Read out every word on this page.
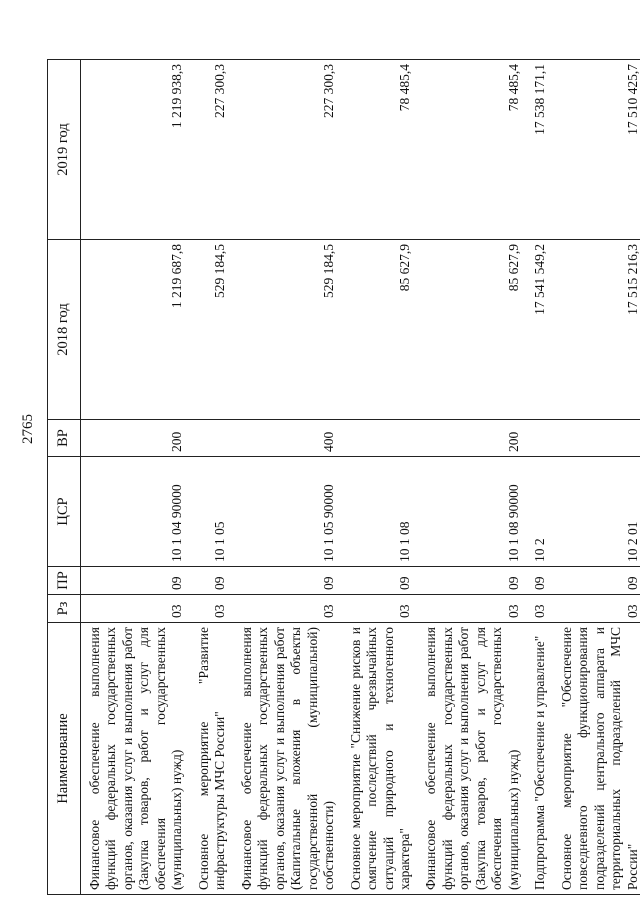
2765
Наименование	Рз	ПР	ЦСР	ВР	2018 год	2019 год
Финансовое обеспечение выполнения функций федеральных государственных органов, оказания услуг и выполнения работ (Закупка товаров, работ и услуг для обеспечения государственных (муниципальных) нужд)	03	09	10 1 04 90000	200	1 219 687,8	1 219 938,3
Основное мероприятие "Развитие инфраструктуры МЧС России"	03	09	10 1 05		529 184,5	227 300,3
Финансовое обеспечение выполнения функций федеральных государственных органов, оказания услуг и выполнения работ (Капитальные вложения в объекты государственной (муниципальной) собственности)	03	09	10 1 05 90000	400	529 184,5	227 300,3
Основное мероприятие "Снижение рисков и смягчение последствий чрезвычайных ситуаций природного и техногенного характера"	03	09	10 1 08		85 627,9	78 485,4
Финансовое обеспечение выполнения функций федеральных государственных органов, оказания услуг и выполнения работ (Закупка товаров, работ и услуг для обеспечения государственных (муниципальных) нужд)	03	09	10 1 08 90000	200	85 627,9	78 485,4
Подпрограмма "Обеспечение и управление"	03	09	10 2		17 541 549,2	17 538 171,1
Основное мероприятие "Обеспечение повседневного функционирования подразделений центрального аппарата и территориальных подразделений МЧС России"	03	09	10 2 01		17 515 216,3	17 510 425,7
